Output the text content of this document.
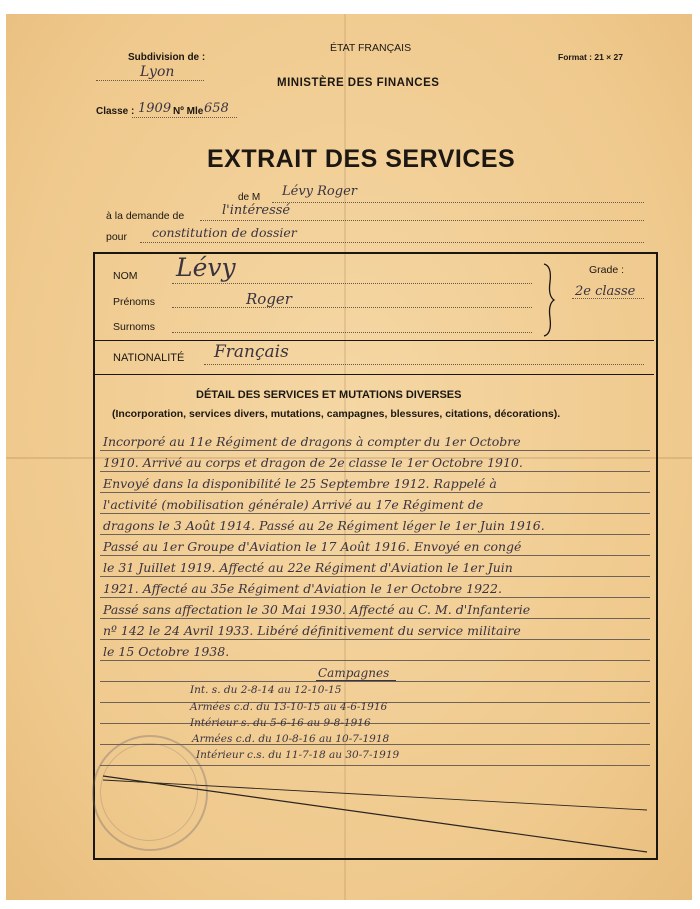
Subdivision de :
Lyon
Classe : 1909 Nº Mle 658
ÉTAT FRANÇAIS
MINISTÈRE DES FINANCES
Format : 21 × 27
EXTRAIT DES SERVICES
de M Lévy Roger
à la demande de	l'intéressé
pour constitution de dossier
NOM Lévy
Prénoms	Roger
Surnoms
Grade :
2e classe
NATIONALITÉ Français
DÉTAIL DES SERVICES ET MUTATIONS DIVERSES
(Incorporation, services divers, mutations, campagnes, blessures, citations, décorations).
Incorporé au 11e Régiment de dragons à compter du 1er Octobre
1910. Arrivé au corps et dragon de 2e classe le 1er Octobre 1910.
Envoyé dans la disponibilité le 25 Septembre 1912. Rappelé à
l'activité (mobilisation générale) Arrivé au 17e Régiment de
dragons le 3 Août 1914. Passé au 2e Régiment léger le 1er Juin 1916.
Passé au 1er Groupe d'Aviation le 17 Août 1916. Envoyé en congé
le 31 Juillet 1919. Affecté au 22e Régiment d'Aviation le 1er Juin
1921. Affecté au 35e Régiment d'Aviation le 1er Octobre 1922.
Passé sans affectation le 30 Mai 1930. Affecté au C. M. d'Infanterie
nº 142 le 24 Avril 1933. Libéré définitivement du service militaire
le 15 Octobre 1938.
Campagnes
Int. s. du 2-8-14 au 12-10-15
Armées c.d. du 13-10-15 au 4-6-1916
Intérieur s. du 5-6-16 au 9-8-1916
Armées c.d. du 10-8-16 au 10-7-1918
Intérieur c.s. du 11-7-18 au 30-7-1919
